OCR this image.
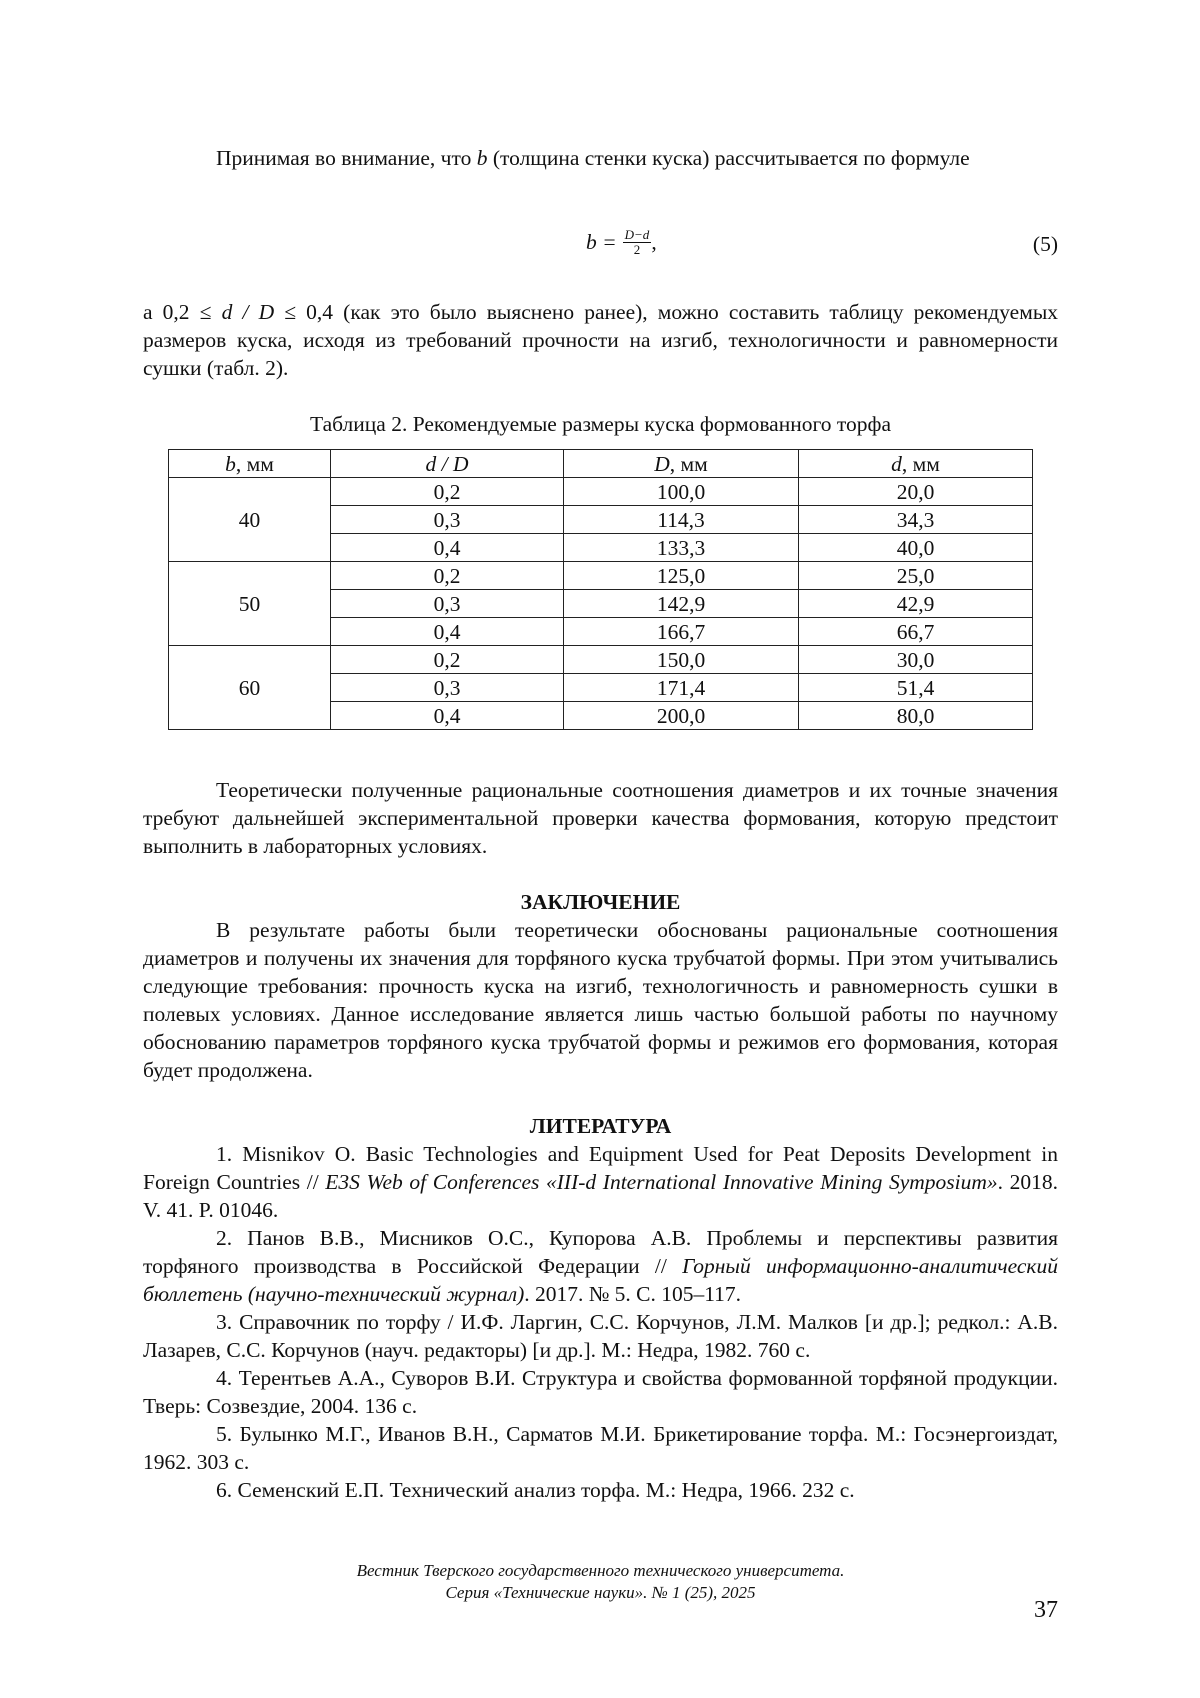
Принимая во внимание, что b (толщина стенки куска) рассчитывается по формуле

$b = \frac{D-d}{2}$ ,	(5)

а 0,2 ≤ d / D ≤ 0,4 (как это было выяснено ранее), можно составить таблицу рекомендуемых размеров куска, исходя из требований прочности на изгиб, технологичности и равномерности сушки (табл. 2).

Таблица 2. Рекомендуемые размеры куска формованного торфа
b, мм	d / D	D, мм	d, мм
40	0,2	100,0	20,0
	0,3	114,3	34,3
	0,4	133,3	40,0
50	0,2	125,0	25,0
	0,3	142,9	42,9
	0,4	166,7	66,7
60	0,2	150,0	30,0
	0,3	171,4	51,4
	0,4	200,0	80,0

Теоретически полученные рациональные соотношения диаметров и их точные значения требуют дальнейшей экспериментальной проверки качества формования, которую предстоит выполнить в лабораторных условиях.

ЗАКЛЮЧЕНИЕ

В результате работы были теоретически обоснованы рациональные соотношения диаметров и получены их значения для торфяного куска трубчатой формы. При этом учитывались следующие требования: прочность куска на изгиб, технологичность и равномерность сушки в полевых условиях. Данное исследование является лишь частью большой работы по научному обоснованию параметров торфяного куска трубчатой формы и режимов его формования, которая будет продолжена.

ЛИТЕРАТУРА

1. Misnikov O. Basic Technologies and Equipment Used for Peat Deposits Development in Foreign Countries // E3S Web of Conferences «III-d International Innovative Mining Symposium». 2018. V. 41. P. 01046.

2. Панов В.В., Мисников О.С., Купорова А.В. Проблемы и перспективы развития торфяного производства в Российской Федерации // Горный информационно-аналитический бюллетень (научно-технический журнал). 2017. № 5. С. 105–117.

3. Справочник по торфу / И.Ф. Ларгин, С.С. Корчунов, Л.М. Малков [и др.]; редкол.: А.В. Лазарев, С.С. Корчунов (науч. редакторы) [и др.]. М.: Недра, 1982. 760 с.

4. Терентьев А.А., Суворов В.И. Структура и свойства формованной торфяной продукции. Тверь: Созвездие, 2004. 136 с.

5. Булынко М.Г., Иванов В.Н., Сарматов М.И. Брикетирование торфа. М.: Госэнергоиздат, 1962. 303 с.

6. Семенский Е.П. Технический анализ торфа. М.: Недра, 1966. 232 с.

Вестник Тверского государственного технического университета.
Серия «Технические науки». № 1 (25), 2025
37
